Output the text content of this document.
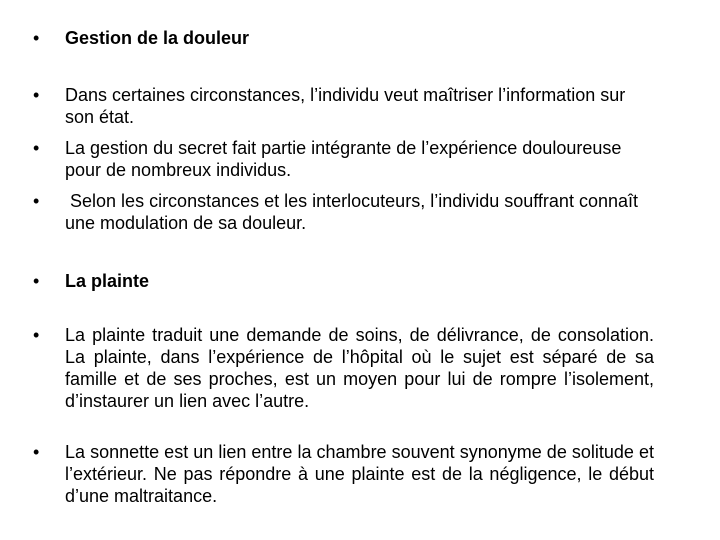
• Gestion de la douleur

• Dans certaines circonstances, l’individu veut maîtriser l’information sur son état.

• La gestion du secret fait partie intégrante de l’expérience douloureuse pour de nombreux individus.

• Selon les circonstances et les interlocuteurs, l’individu souffrant connaît une modulation de sa douleur.

• La plainte

• La plainte traduit une demande de soins, de délivrance, de consolation. La plainte, dans l’expérience de l’hôpital où le sujet est séparé de sa famille et de ses proches, est un moyen pour lui de rompre l’isolement, d’instaurer un lien avec l’autre.

• La sonnette est un lien entre la chambre souvent synonyme de solitude et l’extérieur. Ne pas répondre à une plainte est de la négligence, le début d’une maltraitance.
